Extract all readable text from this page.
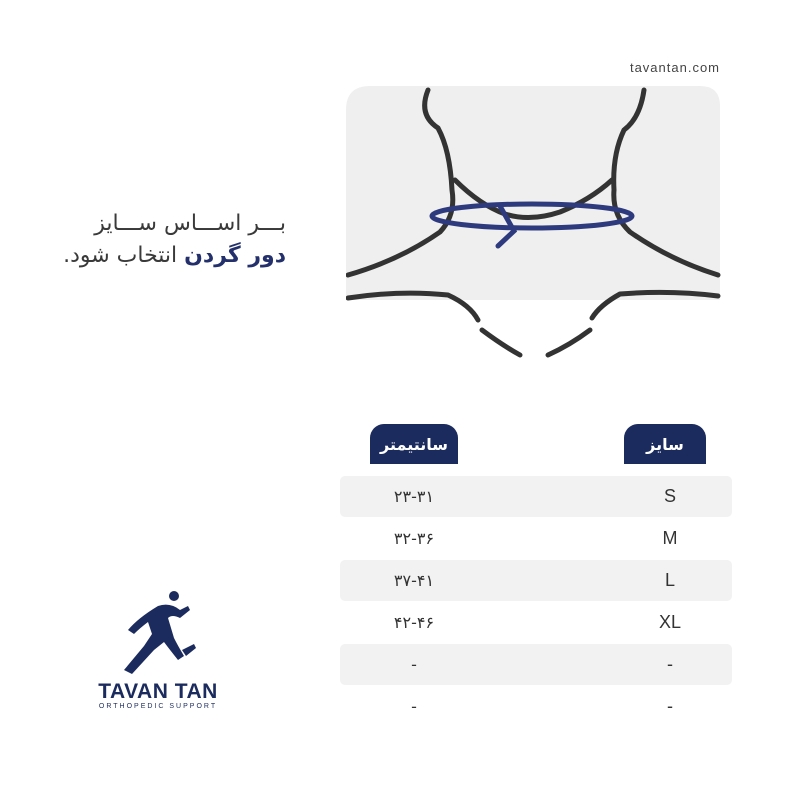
tavantan.com
بـــر اســـاس ســـایز
دور گردن انتخاب شود.
سایز
سانتیمتر
۲۳-۳۱	S
۳۲-۳۶	M
۳۷-۴۱	L
۴۲-۴۶	XL
-	-
-	-
TAVAN TAN
ORTHOPEDIC SUPPORT
